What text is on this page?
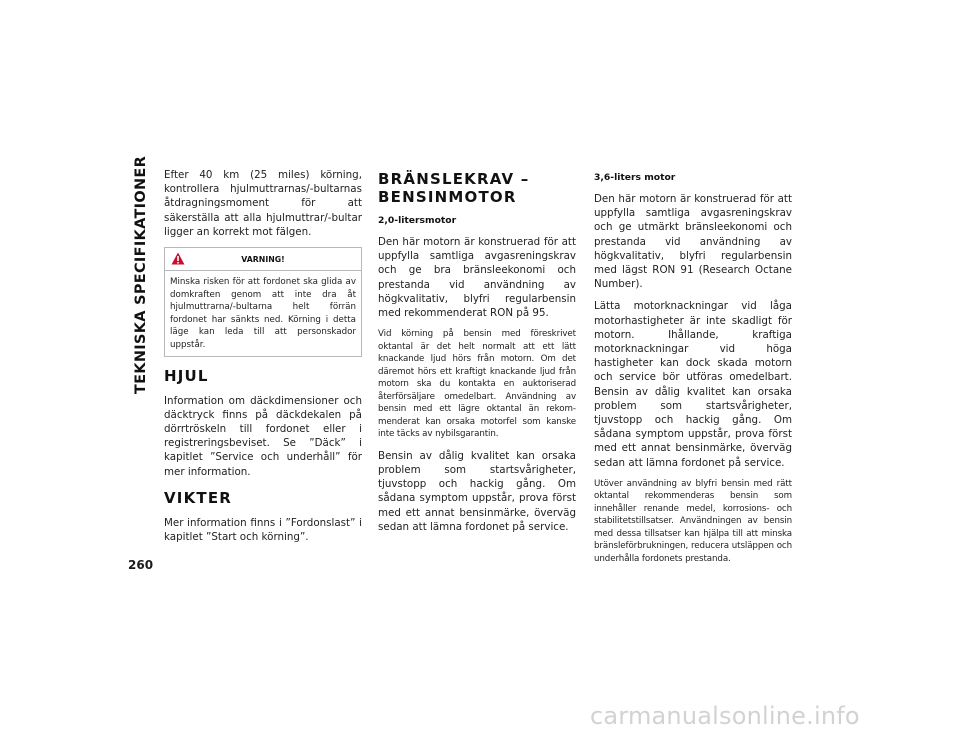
TEKNISKA SPECIFIKATIONER
260

Efter 40 km (25 miles) körning, kontrollera hjulmuttrarnas/-bultarnas åtdragningsmoment för att säkerställa att alla hjulmuttrar/-bultar ligger an korrekt mot fälgen.

VARNING!

Minska risken för att fordonet ska glida av domkraften genom att inte dra åt hjulmuttrarna/-bultarna helt förrän fordonet har sänkts ned. Körning i detta läge kan leda till att personskador uppstår.

HJUL

Information om däckdimensioner och däcktryck finns på däckdekalen på dörrtröskeln till fordonet eller i registreringsbeviset. Se ”Däck” i kapitlet ”Service och underhåll” för mer information.

VIKTER

Mer information finns i ”Fordonslast” i kapitlet ”Start och körning”.

BRÄNSLEKRAV – BENSINMOTOR
2,0-litersmotor

Den här motorn är konstruerad för att uppfylla samtliga avgasreningskrav och ge bra bränsleekonomi och prestanda vid användning av högkvalitativ, blyfri regularbensin med rekommenderat RON på 95.

Vid körning på bensin med föreskrivet oktantal är det helt normalt att ett lätt knackande ljud hörs från motorn. Om det däremot hörs ett kraftigt knackande ljud från motorn ska du kontakta en auktoriserad återförsäljare omedelbart. Användning av bensin med ett lägre oktantal än rekommenderat kan orsaka motorfel som kanske inte täcks av nybilsgarantin.

Bensin av dålig kvalitet kan orsaka problem som startsvårigheter, tjuvstopp och hackig gång. Om sådana symptom uppstår, prova först med ett annat bensinmärke, överväg sedan att lämna fordonet på service.

3,6-liters motor

Den här motorn är konstruerad för att uppfylla samtliga avgasreningskrav och ge utmärkt bränsleekonomi och prestanda vid användning av högkvalitativ, blyfri regularbensin med lägst RON 91 (Research Octane Number).

Lätta motorknackningar vid låga motorhastigheter är inte skadligt för motorn. Ihållande, kraftiga motorknackningar vid höga hastigheter kan dock skada motorn och service bör utföras omedelbart. Bensin av dålig kvalitet kan orsaka problem som startsvårigheter, tjuvstopp och hackig gång. Om sådana symptom uppstår, prova först med ett annat bensinmärke, överväg sedan att lämna fordonet på service.

Utöver användning av blyfri bensin med rätt oktantal rekommenderas bensin som innehåller renande medel, korrosions- och stabilitetstillsatser. Användningen av bensin med dessa tillsatser kan hjälpa till att minska bränsleförbrukningen, reducera utsläppen och underhålla fordonets prestanda.

carmanualsonline.info
